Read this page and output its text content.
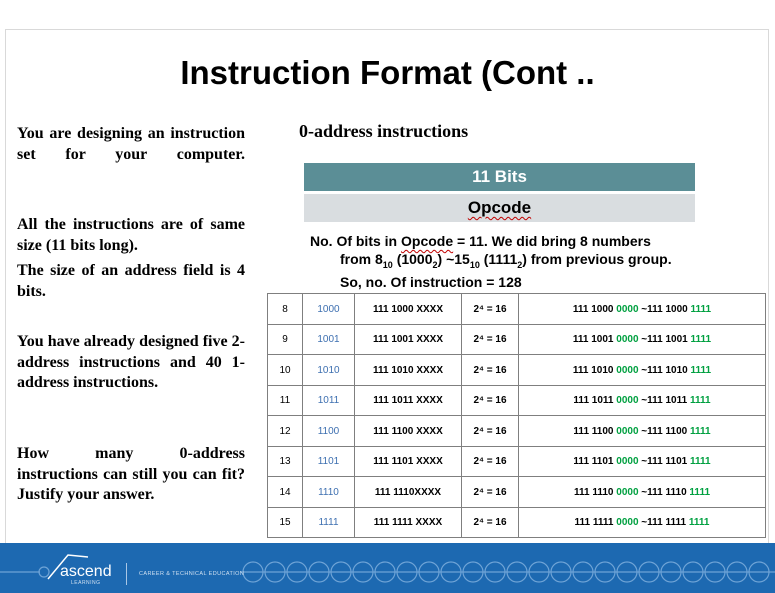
Instruction Format (Cont ..
You are designing an instruction set for your computer.
All the instructions are of same size (11 bits long).
The size of an address field is 4 bits.
You have already designed five 2-address instructions and 40 1-address instructions.
How many 0-address instructions can still you can fit? Justify your answer.
0-address instructions
11 Bits
Opcode
No. Of bits in Opcode = 11. We did bring 8 numbers
from $8_{10}$ $(1000_2)$ $\sim 15_{10}$ $(1111_2)$ from previous group.
So, no. Of instruction = 128
8	1000	111 1000 XXXX	2⁴ = 16	111 1000 0000 ~111 1000 1111
9	1001	111 1001 XXXX	2⁴ = 16	111 1001 0000 ~111 1001 1111
10	1010	111 1010 XXXX	2⁴ = 16	111 1010 0000 ~111 1010 1111
11	1011	111 1011 XXXX	2⁴ = 16	111 1011 0000 ~111 1011 1111
12	1100	111 1100 XXXX	2⁴ = 16	111 1100 0000 ~111 1100 1111
13	1101	111 1101 XXXX	2⁴ = 16	111 1101 0000 ~111 1101 1111
14	1110	111 1110XXXX	2⁴ = 16	111 1110 0000 ~111 1110 1111
15	1111	111 1111 XXXX	2⁴ = 16	111 1111 0000 ~111 1111 1111
ascend
LEARNING
CAREER & TECHNICAL EDUCATION
